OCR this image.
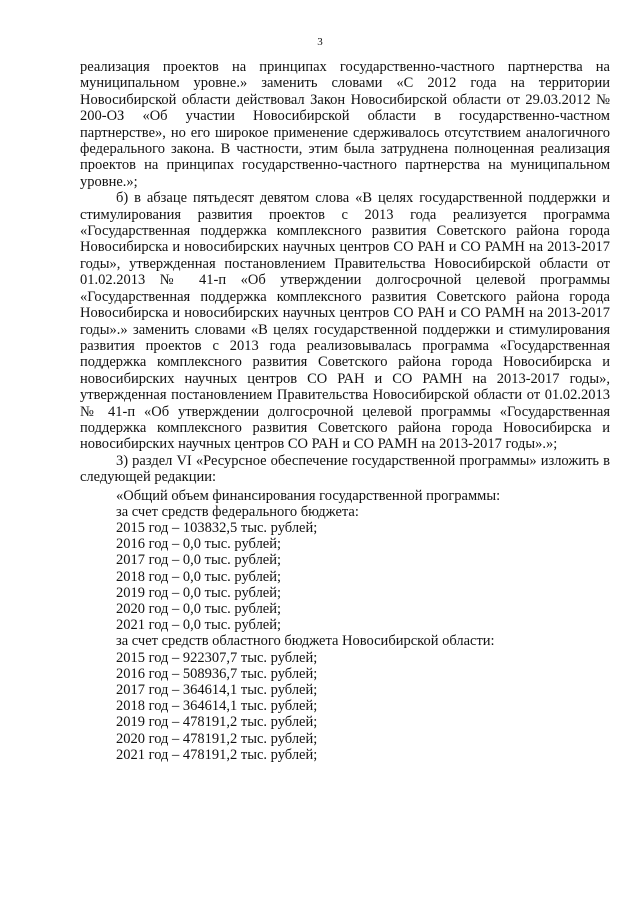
3

реализация проектов на принципах государственно-частного партнерства на муниципальном уровне.» заменить словами «С 2012 года на территории Новосибирской области действовал Закон Новосибирской области от 29.03.2012 № 200-ОЗ «Об участии Новосибирской области в государственно-частном партнерстве», но его широкое применение сдерживалось отсутствием аналогичного федерального закона. В частности, этим была затруднена полноценная реализация проектов на принципах государственно-частного партнерства на муниципальном уровне.»;

б) в абзаце пятьдесят девятом слова «В целях государственной поддержки и стимулирования развития проектов с 2013 года реализуется программа «Государственная поддержка комплексного развития Советского района города Новосибирска и новосибирских научных центров СО РАН и СО РАМН на 2013-2017 годы», утвержденная постановлением Правительства Новосибирской области от 01.02.2013 № 41-п «Об утверждении долгосрочной целевой программы «Государственная поддержка комплексного развития Советского района города Новосибирска и новосибирских научных центров СО РАН и СО РАМН на 2013-2017 годы».» заменить словами «В целях государственной поддержки и стимулирования развития проектов с 2013 года реализовывалась программа «Государственная поддержка комплексного развития Советского района города Новосибирска и новосибирских научных центров СО РАН и СО РАМН на 2013-2017 годы», утвержденная постановлением Правительства Новосибирской области от 01.02.2013 № 41-п «Об утверждении долгосрочной целевой программы «Государственная поддержка комплексного развития Советского района города Новосибирска и новосибирских научных центров СО РАН и СО РАМН на 2013-2017 годы».»;

3) раздел VI «Ресурсное обеспечение государственной программы» изложить в следующей редакции:

«Общий объем финансирования государственной программы:

за счет средств федерального бюджета:

2015 год – 103832,5 тыс. рублей;

2016 год – 0,0 тыс. рублей;

2017 год – 0,0 тыс. рублей;

2018 год – 0,0 тыс. рублей;

2019 год – 0,0 тыс. рублей;

2020 год – 0,0 тыс. рублей;

2021 год – 0,0 тыс. рублей;

за счет средств областного бюджета Новосибирской области:

2015 год – 922307,7 тыс. рублей;

2016 год – 508936,7 тыс. рублей;

2017 год – 364614,1 тыс. рублей;

2018 год – 364614,1 тыс. рублей;

2019 год – 478191,2 тыс. рублей;

2020 год – 478191,2 тыс. рублей;

2021 год – 478191,2 тыс. рублей;
